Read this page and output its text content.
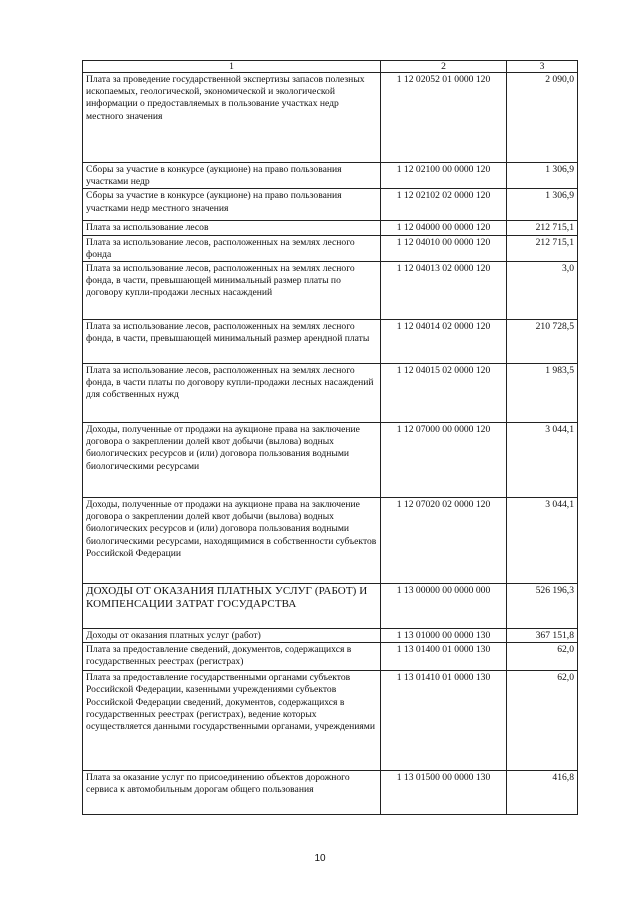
1	2	3
Плата за проведение государственной экспертизы запасов полезных ископаемых, геологической, экономической и экологической информации о предоставляемых в пользование участках недр местного значения	1 12 02052 01 0000 120	2 090,0
Сборы за участие в конкурсе (аукционе) на право пользования участками недр	1 12 02100 00 0000 120	1 306,9
Сборы за участие в конкурсе (аукционе) на право пользования участками недр местного значения	1 12 02102 02 0000 120	1 306,9
Плата за использование лесов	1 12 04000 00 0000 120	212 715,1
Плата за использование лесов, расположенных на землях лесного фонда	1 12 04010 00 0000 120	212 715,1
Плата за использование лесов, расположенных на землях лесного фонда, в части, превышающей минимальный размер платы по договору купли-продажи лесных насаждений	1 12 04013 02 0000 120	3,0
Плата за использование лесов, расположенных на землях лесного фонда, в части, превышающей минимальный размер арендной платы	1 12 04014 02 0000 120	210 728,5
Плата за использование лесов, расположенных на землях лесного фонда, в части платы по договору купли-продажи лесных насаждений для собственных нужд	1 12 04015 02 0000 120	1 983,5
Доходы, полученные от продажи на аукционе права на заключение договора о закреплении долей квот добычи (вылова) водных биологических ресурсов и (или) договора пользования водными биологическими ресурсами	1 12 07000 00 0000 120	3 044,1
Доходы, полученные от продажи на аукционе права на заключение договора о закреплении долей квот добычи (вылова) водных биологических ресурсов и (или) договора пользования водными биологическими ресурсами, находящимися в собственности субъектов Российской Федерации	1 12 07020 02 0000 120	3 044,1
ДОХОДЫ ОТ ОКАЗАНИЯ ПЛАТНЫХ УСЛУГ (РАБОТ) И КОМПЕНСАЦИИ ЗАТРАТ ГОСУДАРСТВА	1 13 00000 00 0000 000	526 196,3
Доходы от оказания платных услуг (работ)	1 13 01000 00 0000 130	367 151,8
Плата за предоставление сведений, документов, содержащихся в государственных реестрах (регистрах)	1 13 01400 01 0000 130	62,0
Плата за предоставление государственными органами субъектов Российской Федерации, казенными учреждениями субъектов Российской Федерации сведений, документов, содержащихся в государственных реестрах (регистрах), ведение которых осуществляется данными государственными органами, учреждениями	1 13 01410 01 0000 130	62,0
Плата за оказание услуг по присоединению объектов дорожного сервиса к автомобильным дорогам общего пользования	1 13 01500 00 0000 130	416,8
10
